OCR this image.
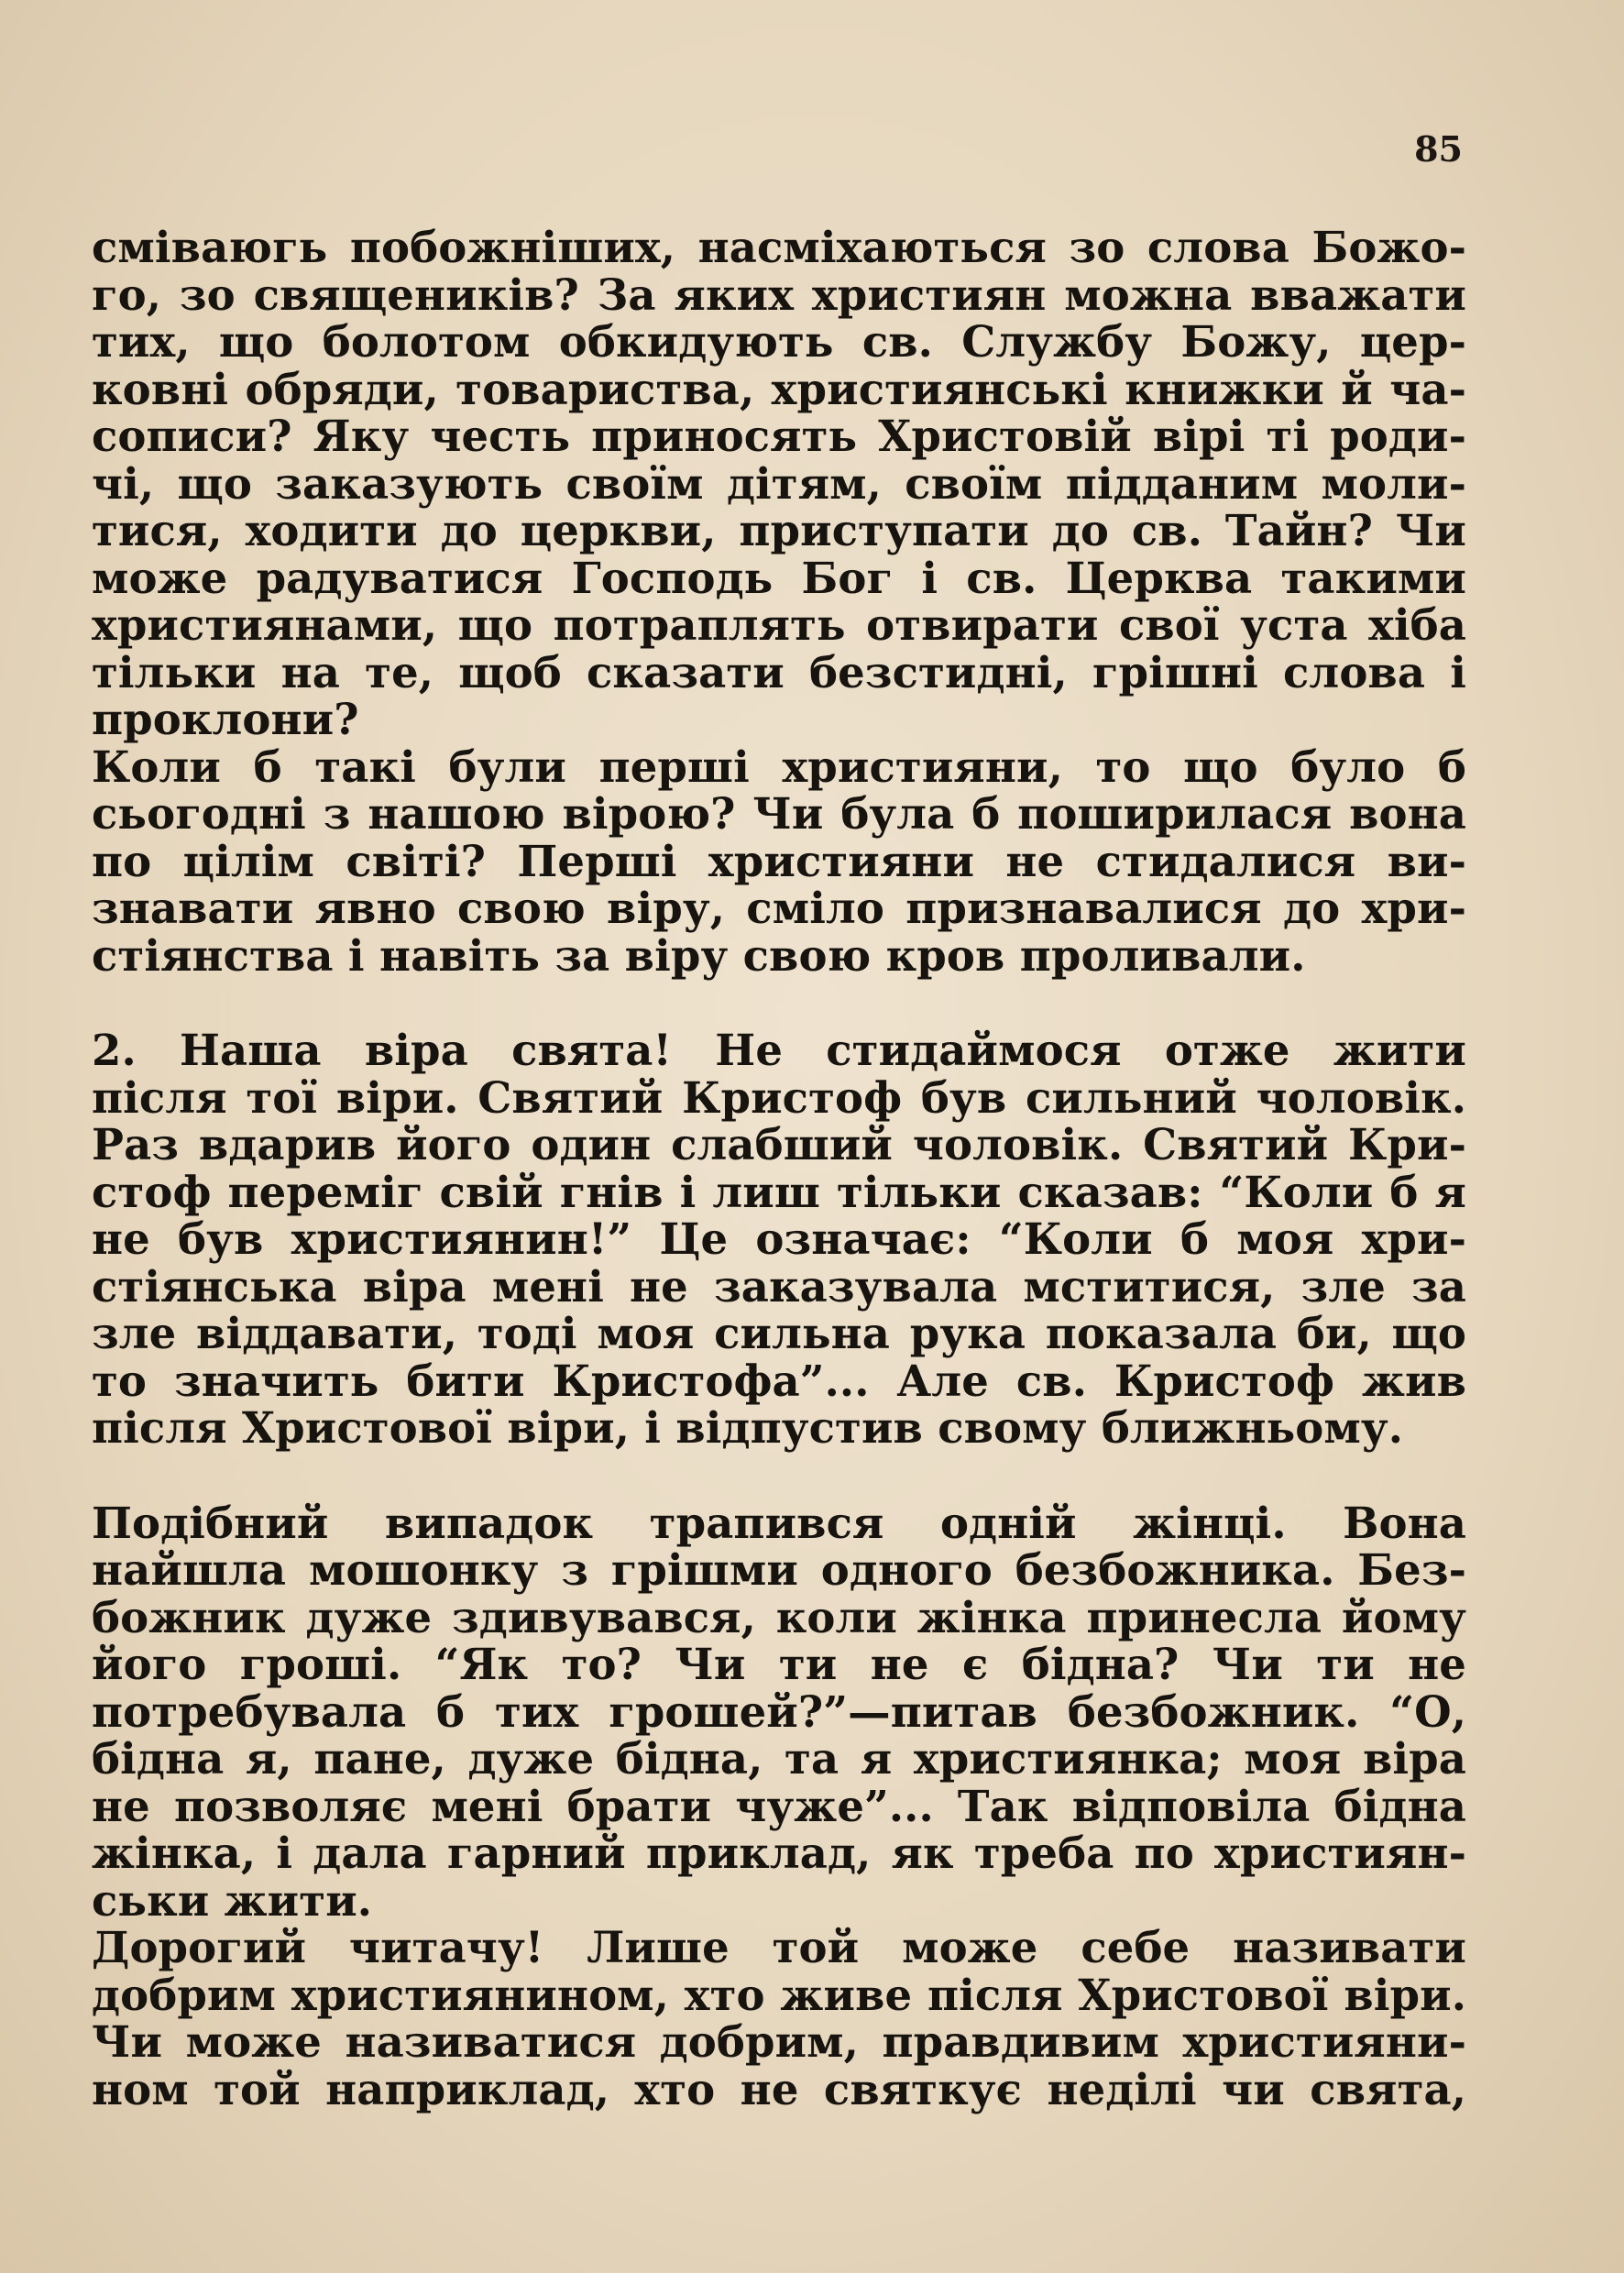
85
сміваюгь побожніших, насміхаються зо слова Божо-
го, зо священиків? За яких християн можна вважати
тих, що болотом обкидують св. Службу Божу, цер-
ковні обряди, товариства, християнські книжки й ча-
сописи? Яку честь приносять Христовій вірі ті роди-
чі, що заказують своїм дітям, своїм підданим моли-
тися, ходити до церкви, приступати до св. Тайн? Чи
може радуватися Господь Бог і св. Церква такими
християнами, що потраплять отвирати свої уста хіба
тільки на те, щоб сказати безстидні, грішні слова і
проклони?
Коли б такі були перші християни, то що було б
сьогодні з нашою вірою? Чи була б поширилася вона
по цілім світі? Перші християни не стидалися ви-
знавати явно свою віру, сміло признавалися до хри-
стіянства і навіть за віру свою кров проливали.
2. Наша віра свята! Не стидаймося отже жити
після тої віри. Святий Кристоф був сильний чоловік.
Раз вдарив його один слабший чоловік. Святий Кри-
стоф переміг свій гнів і лиш тільки сказав: “Коли б я
не був християнин!” Це означає: “Коли б моя хри-
стіянська віра мені не заказувала мститися, зле за
зле віддавати, тоді моя сильна рука показала би, що
то значить бити Кристофа”... Але св. Кристоф жив
після Христової віри, і відпустив свому ближньому.
Подібний випадок трапився одній жінці. Вона
найшла мошонку з грішми одного безбожника. Без-
божник дуже здивувався, коли жінка принесла йому
його гроші. “Як то? Чи ти не є бідна? Чи ти не
потребувала б тих грошей?”—питав безбожник. “О,
бідна я, пане, дуже бідна, та я християнка; моя віра
не позволяє мені брати чуже”... Так відповіла бідна
жінка, і дала гарний приклад, як треба по християн-
ськи жити.
Дорогий читачу! Лише той може себе називати
добрим християнином, хто живе після Христової віри.
Чи може називатися добрим, правдивим християни-
ном той наприклад, хто не святкує неділі чи свята,
